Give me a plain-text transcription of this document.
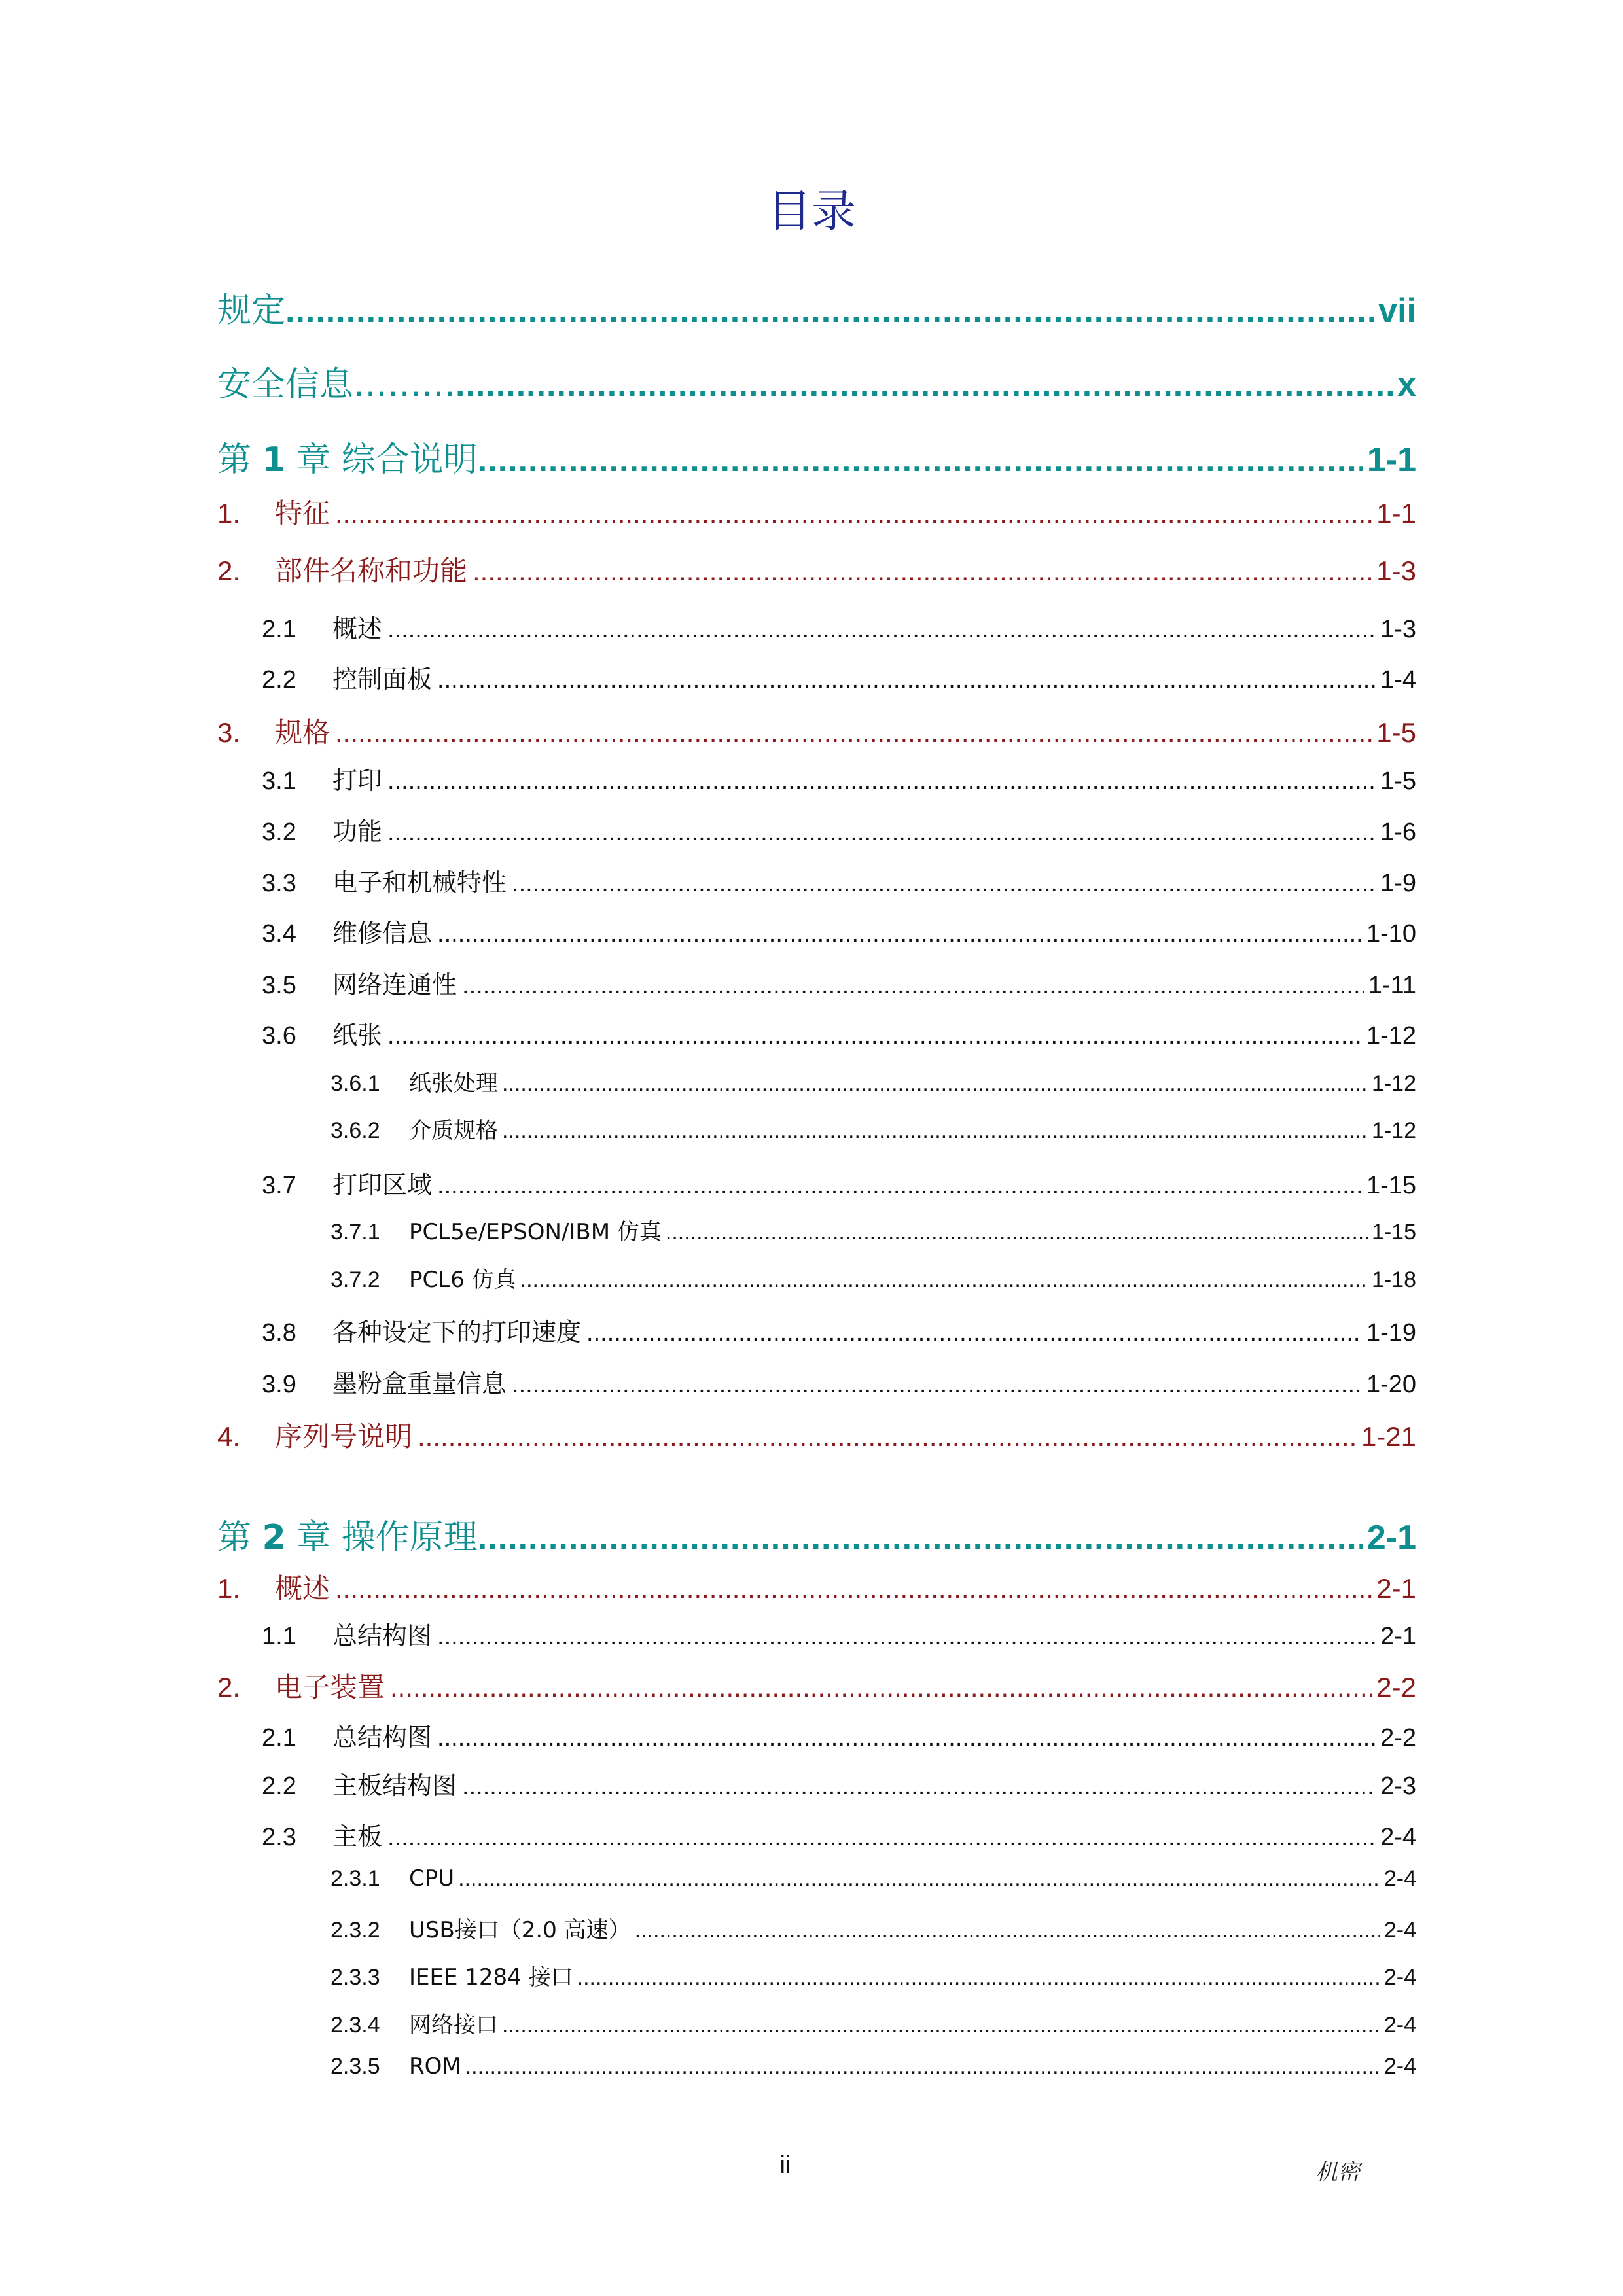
目录
规定 .....	vii
安全信息……… .....	x
第 1 章 综合说明 .....	1-1
1.	特征 .....	1-1
2.	部件名称和功能 .....	1-3
2.1	概述 .....	1-3
2.2	控制面板 .....	1-4
3.	规格 .....	1-5
3.1	打印 .....	1-5
3.2	功能 .....	1-6
3.3	电子和机械特性 .....	1-9
3.4	维修信息 .....	1-10
3.5	网络连通性 .....	1-11
3.6	纸张 .....	1-12
3.6.1	纸张处理 .....	1-12
3.6.2	介质规格 .....	1-12
3.7	打印区域 .....	1-15
3.7.1	PCL5e/EPSON/IBM 仿真 .....	1-15
3.7.2	PCL6 仿真 .....	1-18
3.8	各种设定下的打印速度 .....	1-19
3.9	墨粉盒重量信息 .....	1-20
4.	序列号说明 .....	1-21
第 2 章 操作原理 .....	2-1
1.	概述 .....	2-1
1.1	总结构图 .....	2-1
2.	电子装置 .....	2-2
2.1	总结构图 .....	2-2
2.2	主板结构图 .....	2-3
2.3	主板 .....	2-4
2.3.1	CPU .....	2-4
2.3.2	USB接口（2.0 高速） .....	2-4
2.3.3	IEEE 1284 接口 .....	2-4
2.3.4	网络接口 .....	2-4
2.3.5	ROM .....	2-4
ii	机密
